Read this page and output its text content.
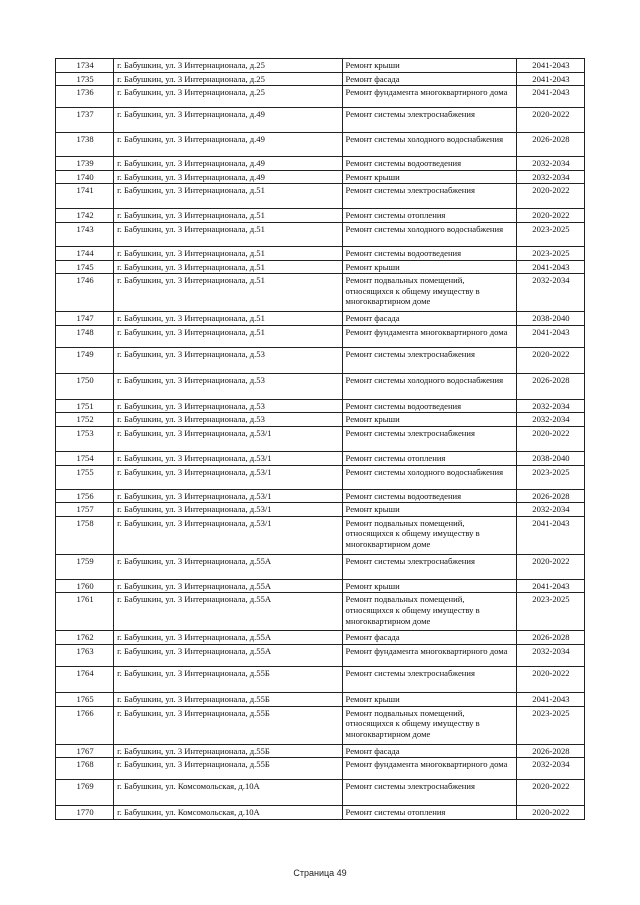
1734	г. Бабушкин, ул. 3 Интернационала, д.25	Ремонт крыши	2041-2043
1735	г. Бабушкин, ул. 3 Интернационала, д.25	Ремонт фасада	2041-2043
1736	г. Бабушкин, ул. 3 Интернационала, д.25	Ремонт фундамента многоквартирного дома	2041-2043
1737	г. Бабушкин, ул. 3 Интернационала, д.49	Ремонт системы электроснабжения	2020-2022
1738	г. Бабушкин, ул. 3 Интернационала, д.49	Ремонт системы холодного водоснабжения	2026-2028
1739	г. Бабушкин, ул. 3 Интернационала, д.49	Ремонт системы водоотведения	2032-2034
1740	г. Бабушкин, ул. 3 Интернационала, д.49	Ремонт крыши	2032-2034
1741	г. Бабушкин, ул. 3 Интернационала, д.51	Ремонт системы электроснабжения	2020-2022
1742	г. Бабушкин, ул. 3 Интернационала, д.51	Ремонт системы отопления	2020-2022
1743	г. Бабушкин, ул. 3 Интернационала, д.51	Ремонт системы холодного водоснабжения	2023-2025
1744	г. Бабушкин, ул. 3 Интернационала, д.51	Ремонт системы водоотведения	2023-2025
1745	г. Бабушкин, ул. 3 Интернационала, д.51	Ремонт крыши	2041-2043
1746	г. Бабушкин, ул. 3 Интернационала, д.51	Ремонт подвальных помещений, относящихся к общему имуществу в многоквартирном доме	2032-2034
1747	г. Бабушкин, ул. 3 Интернационала, д.51	Ремонт фасада	2038-2040
1748	г. Бабушкин, ул. 3 Интернационала, д.51	Ремонт фундамента многоквартирного дома	2041-2043
1749	г. Бабушкин, ул. 3 Интернационала, д.53	Ремонт системы электроснабжения	2020-2022
1750	г. Бабушкин, ул. 3 Интернационала, д.53	Ремонт системы холодного водоснабжения	2026-2028
1751	г. Бабушкин, ул. 3 Интернационала, д.53	Ремонт системы водоотведения	2032-2034
1752	г. Бабушкин, ул. 3 Интернационала, д.53	Ремонт крыши	2032-2034
1753	г. Бабушкин, ул. 3 Интернационала, д.53/1	Ремонт системы электроснабжения	2020-2022
1754	г. Бабушкин, ул. 3 Интернационала, д.53/1	Ремонт системы отопления	2038-2040
1755	г. Бабушкин, ул. 3 Интернационала, д.53/1	Ремонт системы холодного водоснабжения	2023-2025
1756	г. Бабушкин, ул. 3 Интернационала, д.53/1	Ремонт системы водоотведения	2026-2028
1757	г. Бабушкин, ул. 3 Интернационала, д.53/1	Ремонт крыши	2032-2034
1758	г. Бабушкин, ул. 3 Интернационала, д.53/1	Ремонт подвальных помещений, относящихся к общему имуществу в многоквартирном доме	2041-2043
1759	г. Бабушкин, ул. 3 Интернационала, д.55А	Ремонт системы электроснабжения	2020-2022
1760	г. Бабушкин, ул. 3 Интернационала, д.55А	Ремонт крыши	2041-2043
1761	г. Бабушкин, ул. 3 Интернационала, д.55А	Ремонт подвальных помещений, относящихся к общему имуществу в многоквартирном доме	2023-2025
1762	г. Бабушкин, ул. 3 Интернационала, д.55А	Ремонт фасада	2026-2028
1763	г. Бабушкин, ул. 3 Интернационала, д.55А	Ремонт фундамента многоквартирного дома	2032-2034
1764	г. Бабушкин, ул. 3 Интернационала, д.55Б	Ремонт системы электроснабжения	2020-2022
1765	г. Бабушкин, ул. 3 Интернационала, д.55Б	Ремонт крыши	2041-2043
1766	г. Бабушкин, ул. 3 Интернационала, д.55Б	Ремонт подвальных помещений, относящихся к общему имуществу в многоквартирном доме	2023-2025
1767	г. Бабушкин, ул. 3 Интернационала, д.55Б	Ремонт фасада	2026-2028
1768	г. Бабушкин, ул. 3 Интернационала, д.55Б	Ремонт фундамента многоквартирного дома	2032-2034
1769	г. Бабушкин, ул. Комсомольская, д.10А	Ремонт системы электроснабжения	2020-2022
1770	г. Бабушкин, ул. Комсомольская, д.10А	Ремонт системы отопления	2020-2022
Страница 49
